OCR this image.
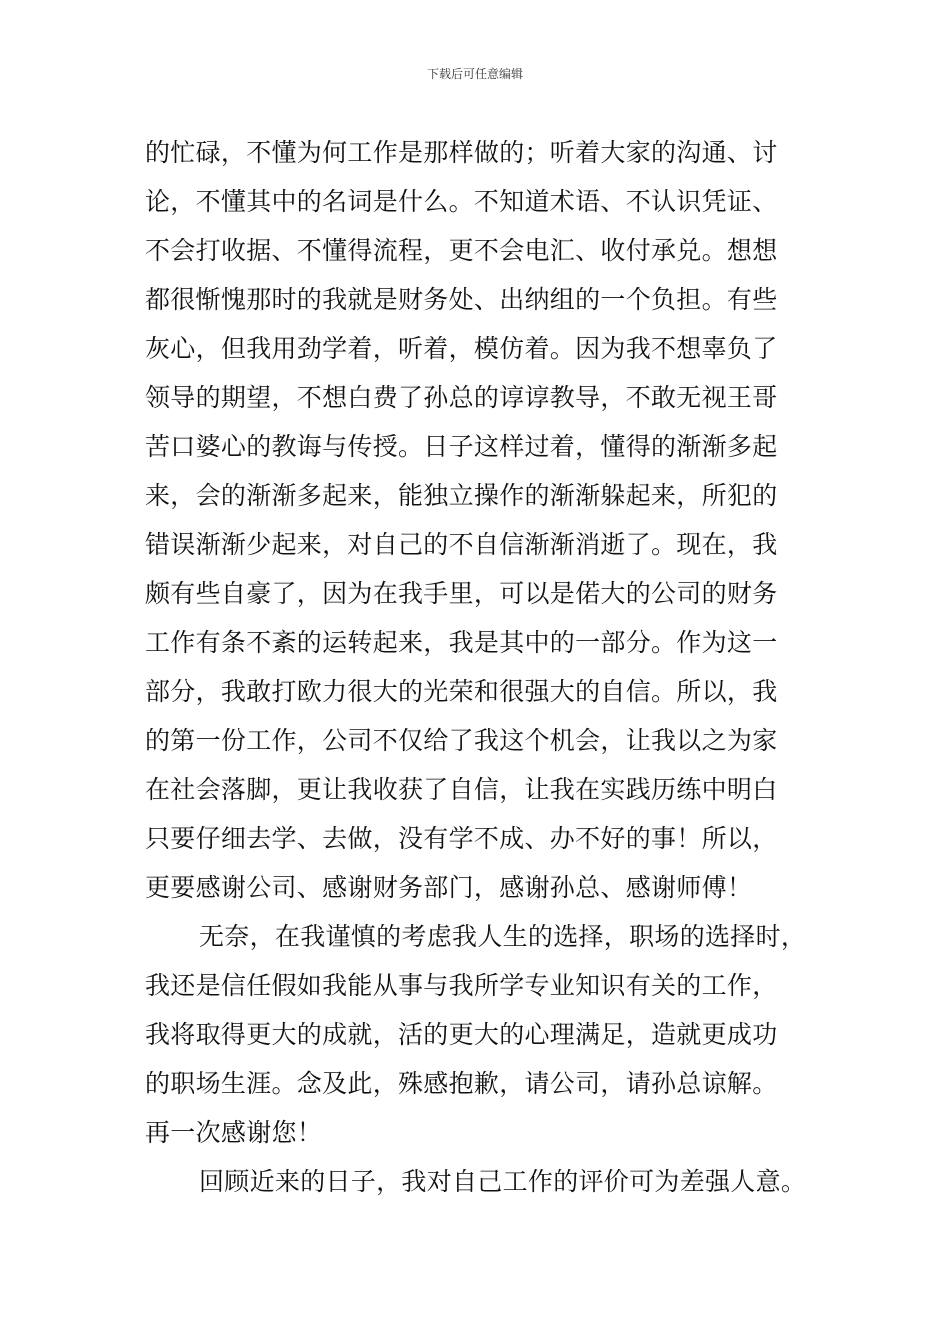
下载后可任意编辑
的忙碌，不懂为何工作是那样做的；听着大家的沟通、讨
论，不懂其中的名词是什么。不知道术语、不认识凭证、
不会打收据、不懂得流程，更不会电汇、收付承兑。想想
都很惭愧那时的我就是财务处、出纳组的一个负担。有些
灰心，但我用劲学着，听着，模仿着。因为我不想辜负了
领导的期望，不想白费了孙总的谆谆教导，不敢无视王哥
苦口婆心的教诲与传授。日子这样过着，懂得的渐渐多起
来，会的渐渐多起来，能独立操作的渐渐躲起来，所犯的
错误渐渐少起来，对自己的不自信渐渐消逝了。现在，我
颇有些自豪了，因为在我手里，可以是偌大的公司的财务
工作有条不紊的运转起来，我是其中的一部分。作为这一
部分，我敢打欧力很大的光荣和很强大的自信。所以，我
的第一份工作，公司不仅给了我这个机会，让我以之为家
在社会落脚，更让我收获了自信，让我在实践历练中明白
只要仔细去学、去做，没有学不成、办不好的事！所以，
更要感谢公司、感谢财务部门，感谢孙总、感谢师傅！
无奈，在我谨慎的考虑我人生的选择，职场的选择时，
我还是信任假如我能从事与我所学专业知识有关的工作，
我将取得更大的成就，活的更大的心理满足，造就更成功
的职场生涯。念及此，殊感抱歉，请公司，请孙总谅解。
再一次感谢您！
回顾近来的日子，我对自己工作的评价可为差强人意。
